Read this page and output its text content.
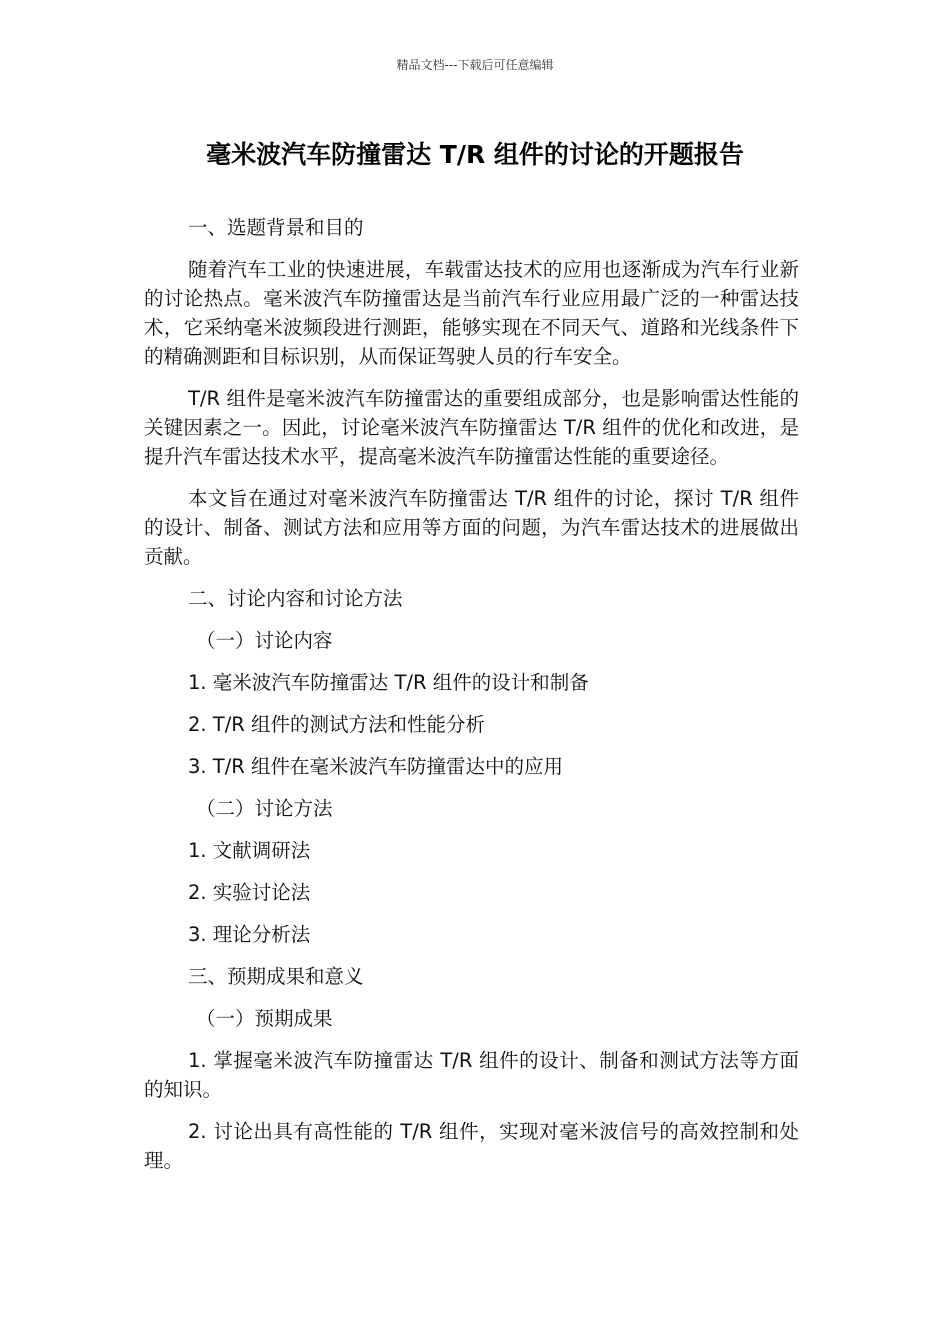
精品文档---下载后可任意编辑
毫米波汽车防撞雷达 T/R 组件的讨论的开题报告

一、选题背景和目的

随着汽车工业的快速进展，车载雷达技术的应用也逐渐成为汽车行业新的讨论热点。毫米波汽车防撞雷达是当前汽车行业应用最广泛的一种雷达技术，它采纳毫米波频段进行测距，能够实现在不同天气、道路和光线条件下的精确测距和目标识别，从而保证驾驶人员的行车安全。

T/R 组件是毫米波汽车防撞雷达的重要组成部分，也是影响雷达性能的关键因素之一。因此，讨论毫米波汽车防撞雷达 T/R 组件的优化和改进，是提升汽车雷达技术水平，提高毫米波汽车防撞雷达性能的重要途径。

本文旨在通过对毫米波汽车防撞雷达 T/R 组件的讨论，探讨 T/R 组件的设计、制备、测试方法和应用等方面的问题，为汽车雷达技术的进展做出贡献。

二、讨论内容和讨论方法

（一）讨论内容

1. 毫米波汽车防撞雷达 T/R 组件的设计和制备

2. T/R 组件的测试方法和性能分析

3. T/R 组件在毫米波汽车防撞雷达中的应用

（二）讨论方法

1. 文献调研法

2. 实验讨论法

3. 理论分析法

三、预期成果和意义

（一）预期成果

1. 掌握毫米波汽车防撞雷达 T/R 组件的设计、制备和测试方法等方面的知识。

2. 讨论出具有高性能的 T/R 组件，实现对毫米波信号的高效控制和处理。
